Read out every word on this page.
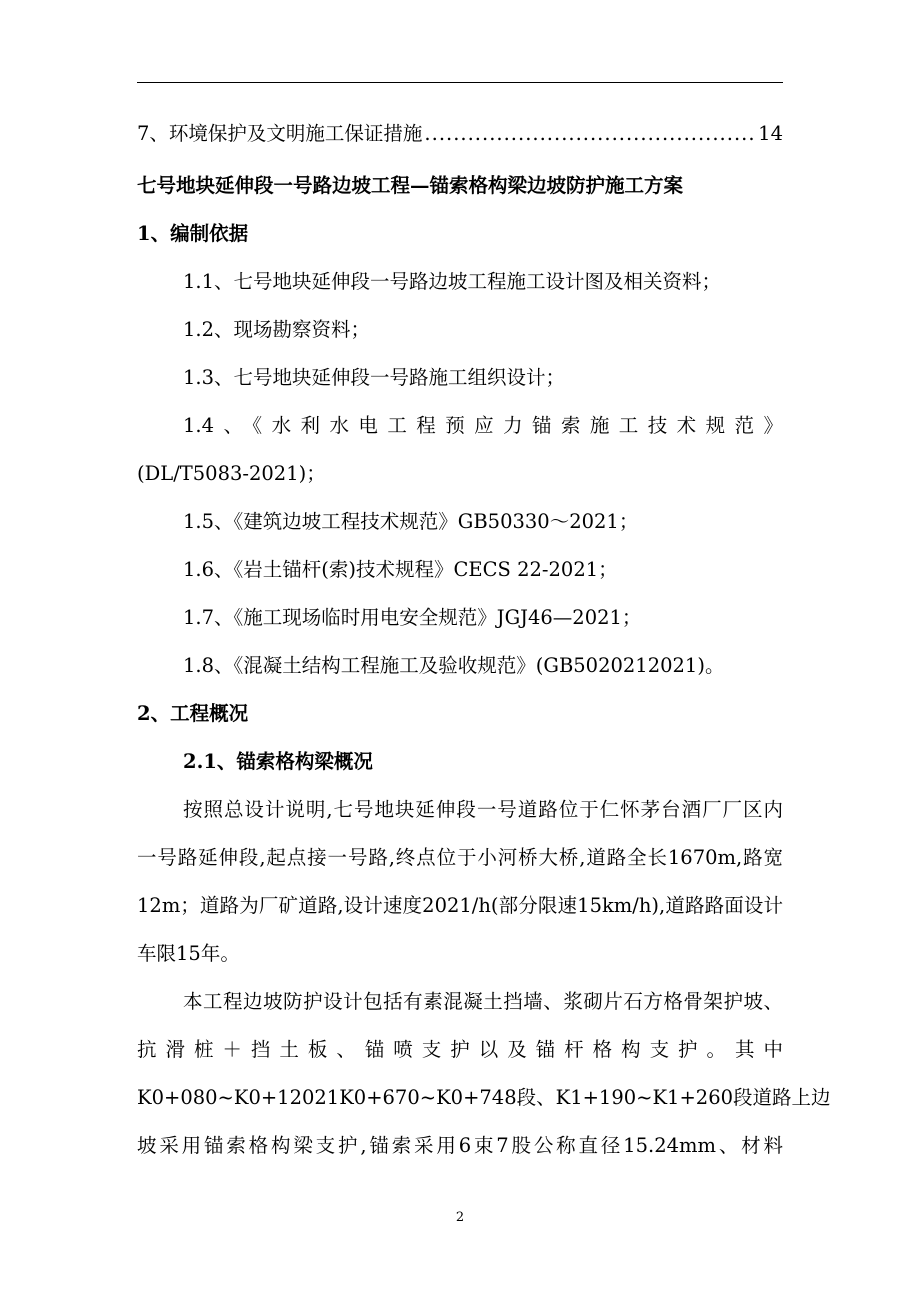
7、环境保护及文明施工保证措施
.....	14
七号地块延伸段一号路边坡工程—锚索格构梁边坡防护施工方案
1、编制依据
1.1、七号地块延伸段一号路边坡工程施工设计图及相关资料；
1.2、现场勘察资料；
1.3、七号地块延伸段一号路施工组织设计；
1.4、《水利水电工程预应力锚索施工技术规范》
(DL/T5083-2021)；
1.5、《建筑边坡工程技术规范》GB50330～2021；
1.6、《岩土锚杆(索)技术规程》CECS 22-2021；
1.7、《施工现场临时用电安全规范》JGJ46—2021；
1.8、《混凝土结构工程施工及验收规范》(GB5020212021)。
2、工程概况
2.1、锚索格构梁概况
按照总设计说明,七号地块延伸段一号道路位于仁怀茅台酒厂厂区内
一号路延伸段,起点接一号路,终点位于小河桥大桥,道路全长1670m,路宽
12m；道路为厂矿道路,设计速度2021/h(部分限速15km/h),道路路面设计
车限15年。
本工程边坡防护设计包括有素混凝土挡墙、浆砌片石方格骨架护坡、
抗滑桩＋挡土板、锚喷支护以及锚杆格构支护。其中
K0+080~K0+12021K0+670~K0+748段、K1+190~K1+260段道路上边
坡采用锚索格构梁支护,锚索采用6束7股公称直径15.24mm、材料
2
